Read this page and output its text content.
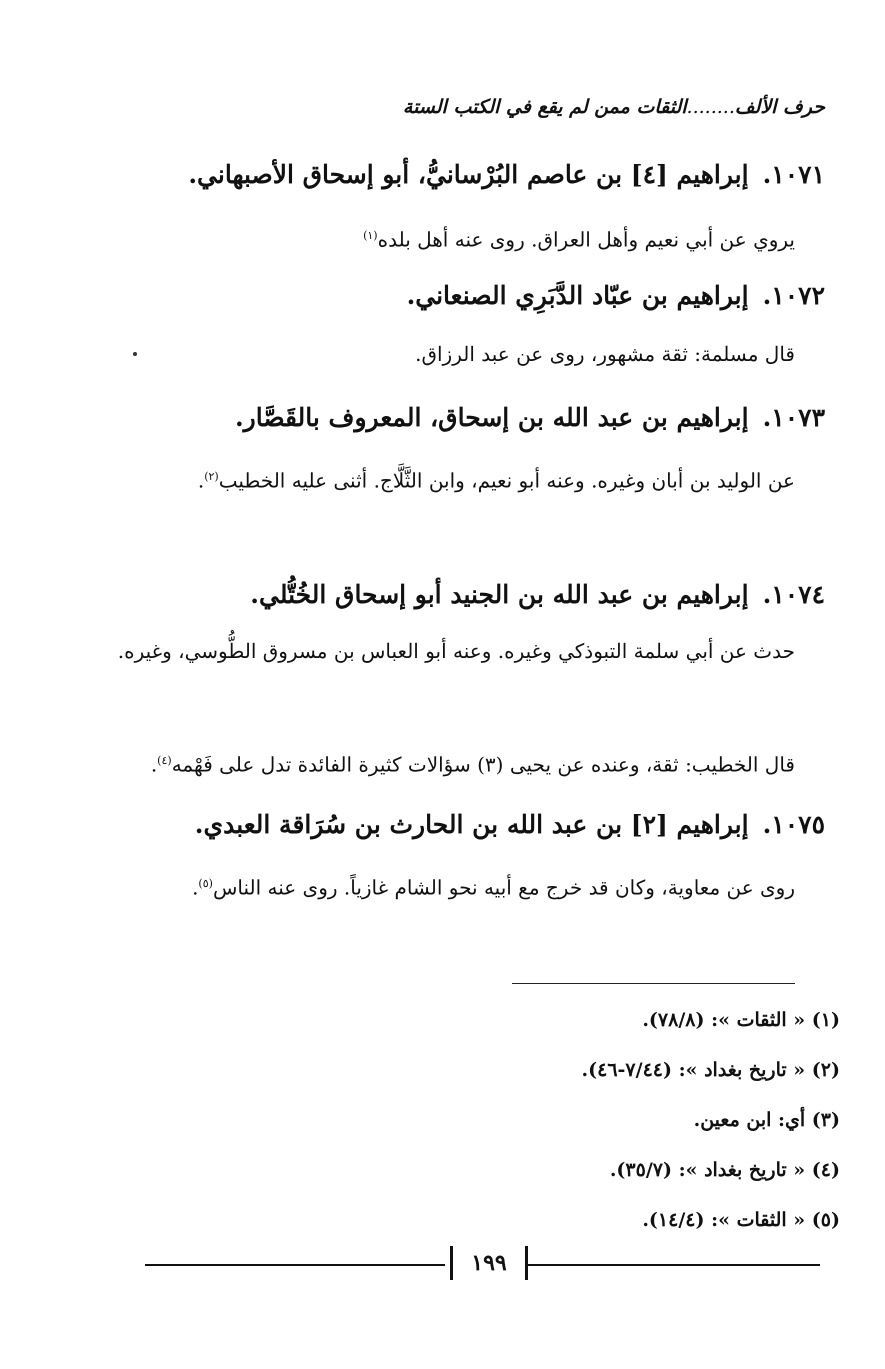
حرف الألف........الثقات ممن لم يقع في الكتب الستة
١٠٧١.إبراهيم [٤] بن عاصم البُرْسانيُّ، أبو إسحاق الأصبهاني.
يروي عن أبي نعيم وأهل العراق. روى عنه أهل بلده$^{(١)}$
١٠٧٢.إبراهيم بن عبّاد الدَّبَرِي الصنعاني.
قال مسلمة: ثقة مشهور، روى عن عبد الرزاق.
١٠٧٣.إبراهيم بن عبد الله بن إسحاق، المعروف بالقَصَّار.
عن الوليد بن أبان وغيره. وعنه أبو نعيم، وابن الثَّلَّاج. أثنى عليه الخطيب$^{(٢)}$.
١٠٧٤.إبراهيم بن عبد الله بن الجنيد أبو إسحاق الخُتُّلي.
حدث عن أبي سلمة التبوذكي وغيره. وعنه أبو العباس بن مسروق الطُّوسي، وغيره.
قال الخطيب: ثقة، وعنده عن يحيى (٣) سؤالات كثيرة الفائدة تدل على فَهْمه$^{(٤)}$.
١٠٧٥.إبراهيم [٢] بن عبد الله بن الحارث بن سُرَاقة العبدي.
روى عن معاوية، وكان قد خرج مع أبيه نحو الشام غازياً. روى عنه الناس$^{(٥)}$.
(١) « الثقات »: (٧٨/٨).
(٢) « تاريخ بغداد »: (٧/٤٤-٤٦).
(٣) أي: ابن معين.
(٤) « تاريخ بغداد »: (٣٥/٧).
(٥) « الثقات »: (١٤/٤).
١٩٩
